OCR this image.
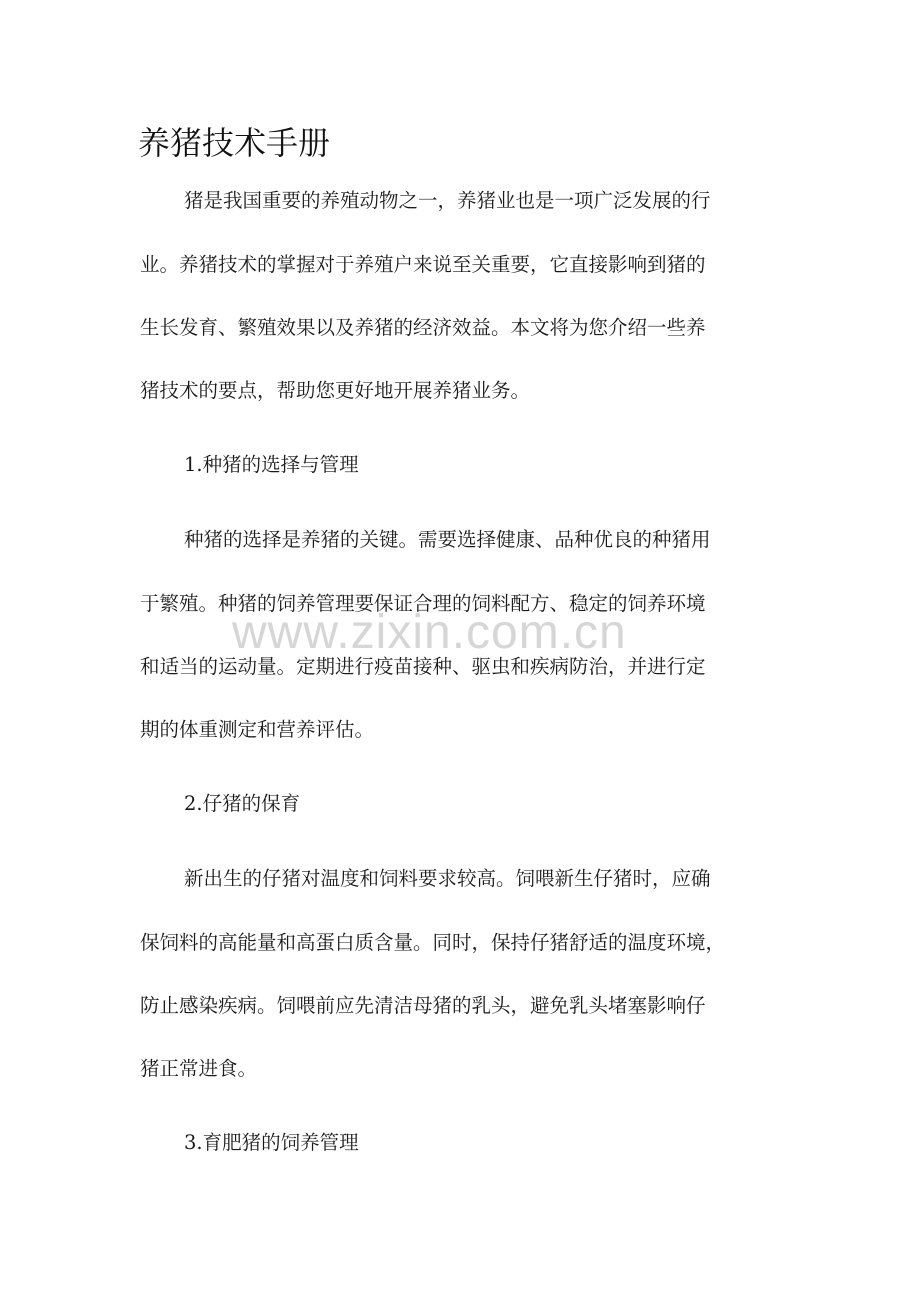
养猪技术手册

猪是我国重要的养殖动物之一，养猪业也是一项广泛发展的行

业。养猪技术的掌握对于养殖户来说至关重要，它直接影响到猪的

生长发育、繁殖效果以及养猪的经济效益。本文将为您介绍一些养

猪技术的要点，帮助您更好地开展养猪业务。

1.种猪的选择与管理

种猪的选择是养猪的关键。需要选择健康、品种优良的种猪用

于繁殖。种猪的饲养管理要保证合理的饲料配方、稳定的饲养环境

和适当的运动量。定期进行疫苗接种、驱虫和疾病防治，并进行定

期的体重测定和营养评估。

2.仔猪的保育

新出生的仔猪对温度和饲料要求较高。饲喂新生仔猪时，应确

保饲料的高能量和高蛋白质含量。同时，保持仔猪舒适的温度环境，

防止感染疾病。饲喂前应先清洁母猪的乳头，避免乳头堵塞影响仔

猪正常进食。

3.育肥猪的饲养管理

www.zixin.com.cn
